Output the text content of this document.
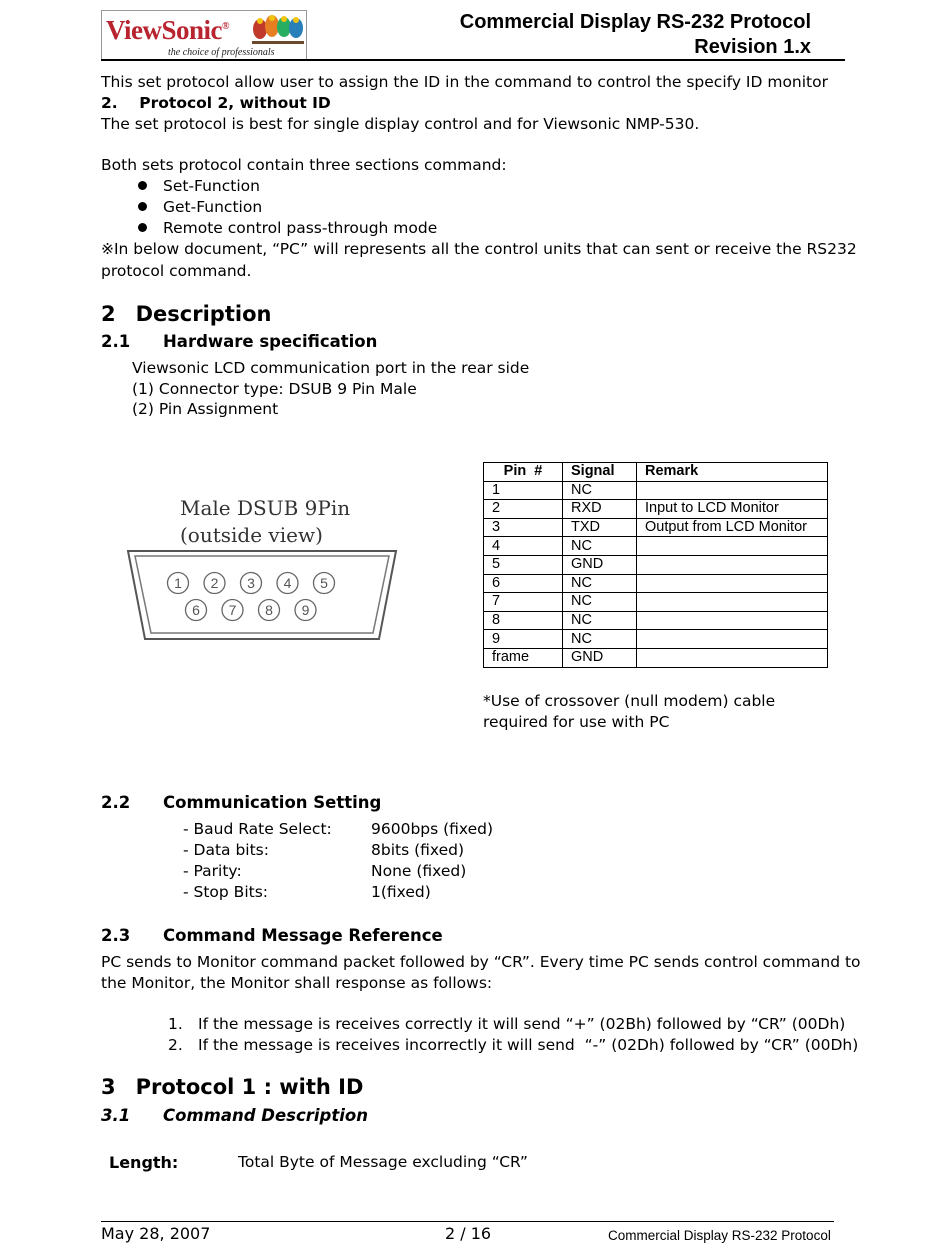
ViewSonic®
the choice of professionals
Commercial Display RS-232 Protocol
Revision 1.x
This set protocol allow user to assign the ID in the command to control the specify ID monitor
2.    Protocol 2, without ID
The set protocol is best for single display control and for Viewsonic NMP-530.
Both sets protocol contain three sections command:
Set-Function
Get-Function
Remote control pass-through mode
※In below document, “PC” will represents all the control units that can sent or receive the RS232
protocol command.
2 Description
2.1 Hardware specification
Viewsonic LCD communication port in the rear side
(1) Connector type: DSUB 9 Pin Male
(2) Pin Assignment
Male DSUB 9Pin
(outside view)
1 2 3 4 5
6 7 8 9
Pin  #	Signal	Remark
1	NC	
2	RXD	Input to LCD Monitor
3	TXD	Output from LCD Monitor
4	NC	
5	GND	
6	NC	
7	NC	
8	NC	
9	NC	
frame	GND	
*Use of crossover (null modem) cable
required for use with PC
2.2 Communication Setting
- Baud Rate Select:	9600bps (fixed)
- Data bits:	8bits (fixed)
- Parity:	None (fixed)
- Stop Bits:	1(fixed)
2.3 Command Message Reference
PC sends to Monitor command packet followed by “CR”. Every time PC sends control command to
the Monitor, the Monitor shall response as follows:
1. If the message is receives correctly it will send “+” (02Bh) followed by “CR” (00Dh)
2. If the message is receives incorrectly it will send  “-” (02Dh) followed by “CR” (00Dh)
3 Protocol 1 : with ID
3.1 Command Description
Length:	Total Byte of Message excluding “CR”
May 28, 2007	2 / 16	Commercial Display RS-232 Protocol
